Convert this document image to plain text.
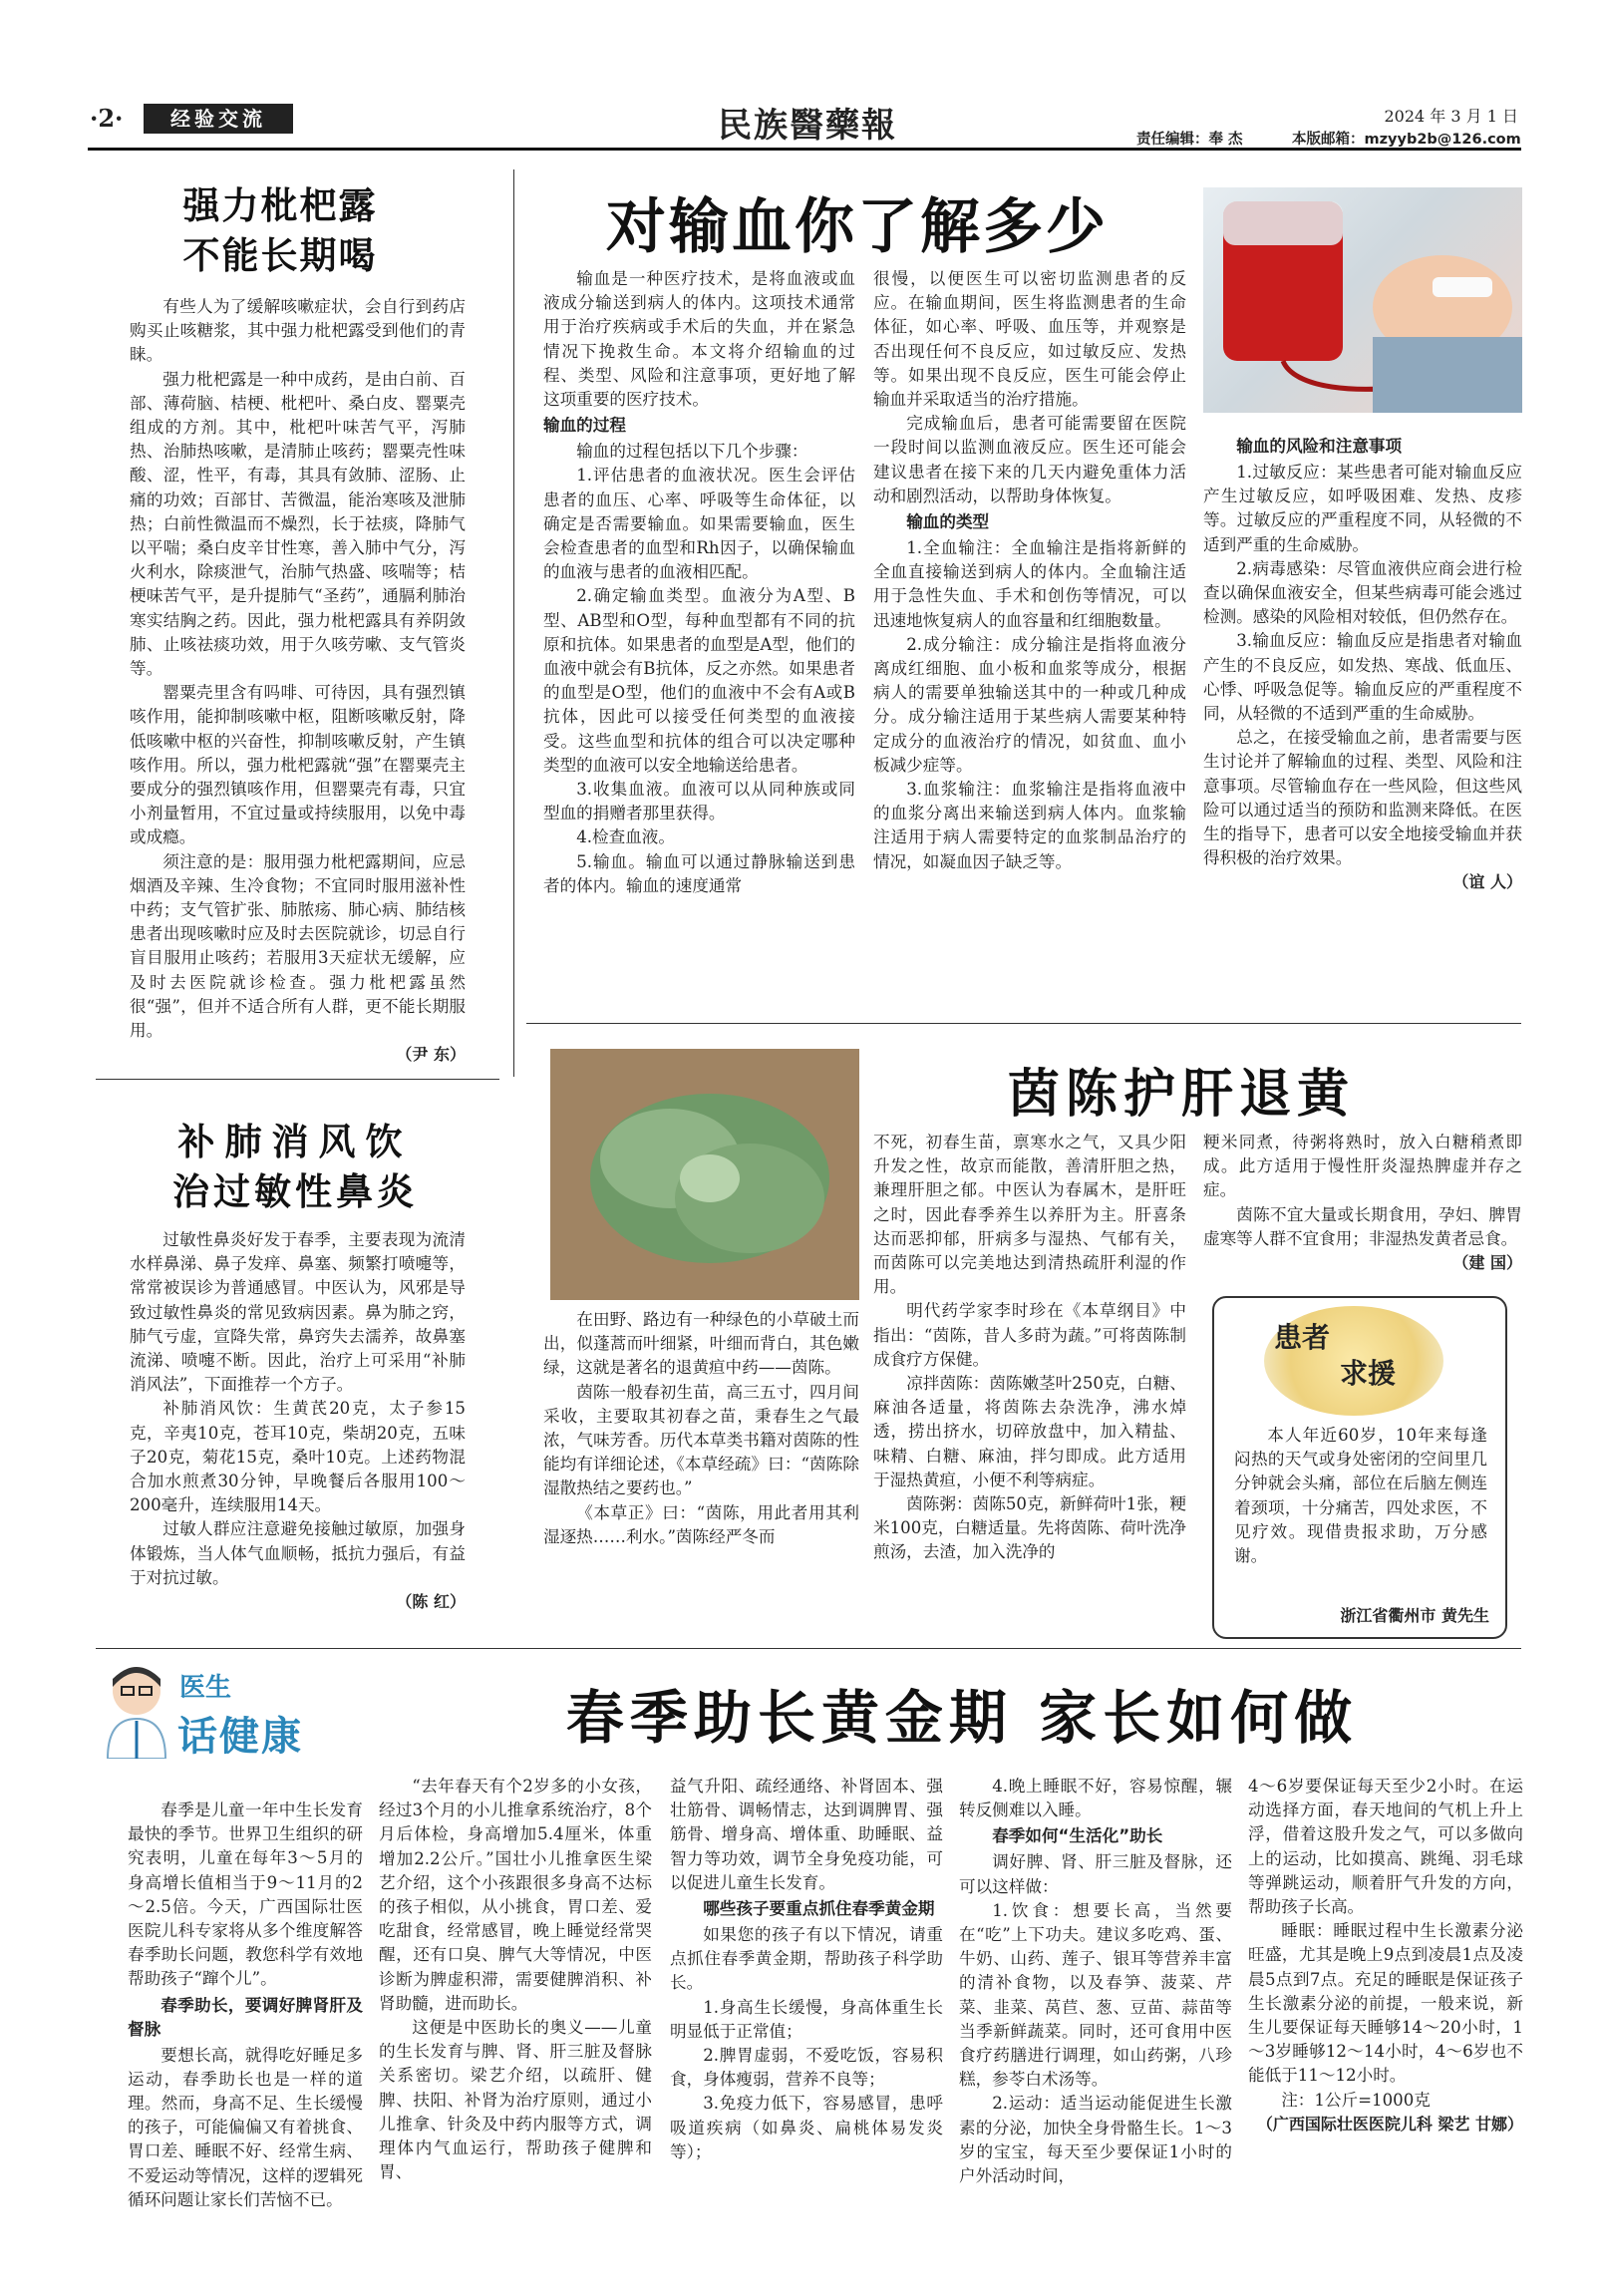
·2·	经验交流	民族醫藥報	2024 年 3 月 1 日
责任编辑：奉 杰	本版邮箱：mzyyb2b@126.com
强力枇杷露
不能长期喝

有些人为了缓解咳嗽症状，会自行到药店购买止咳糖浆，其中强力枇杷露受到他们的青睐。

强力枇杷露是一种中成药，是由白前、百部、薄荷脑、桔梗、枇杷叶、桑白皮、罂粟壳组成的方剂。其中，枇杷叶味苦气平，泻肺热、治肺热咳嗽，是清肺止咳药；罂粟壳性味酸、涩，性平，有毒，其具有敛肺、涩肠、止痛的功效；百部甘、苦微温，能治寒咳及泄肺热；白前性微温而不燥烈，长于祛痰，降肺气以平喘；桑白皮辛甘性寒，善入肺中气分，泻火利水，除痰泄气，治肺气热盛、咳喘等；桔梗味苦气平，是升提肺气“圣药”，通膈利肺治寒实结胸之药。因此，强力枇杷露具有养阴敛肺、止咳祛痰功效，用于久咳劳嗽、支气管炎等。

罂粟壳里含有吗啡、可待因，具有强烈镇咳作用，能抑制咳嗽中枢，阻断咳嗽反射，降低咳嗽中枢的兴奋性，抑制咳嗽反射，产生镇咳作用。所以，强力枇杷露就“强”在罂粟壳主要成分的强烈镇咳作用，但罂粟壳有毒，只宜小剂量暂用，不宜过量或持续服用，以免中毒或成瘾。

须注意的是：服用强力枇杷露期间，应忌烟酒及辛辣、生冷食物；不宜同时服用滋补性中药；支气管扩张、肺脓疡、肺心病、肺结核患者出现咳嗽时应及时去医院就诊，切忌自行盲目服用止咳药；若服用3天症状无缓解，应及时去医院就诊检查。强力枇杷露虽然很“强”，但并不适合所有人群，更不能长期服用。

（尹 东）
对输血你了解多少

输血是一种医疗技术，是将血液或血液成分输送到病人的体内。这项技术通常用于治疗疾病或手术后的失血，并在紧急情况下挽救生命。本文将介绍输血的过程、类型、风险和注意事项，更好地了解这项重要的医疗技术。

输血的过程

输血的过程包括以下几个步骤：

1.评估患者的血液状况。医生会评估患者的血压、心率、呼吸等生命体征，以确定是否需要输血。如果需要输血，医生会检查患者的血型和Rh因子，以确保输血的血液与患者的血液相匹配。

2.确定输血类型。血液分为A型、B型、AB型和O型，每种血型都有不同的抗原和抗体。如果患者的血型是A型，他们的血液中就会有B抗体，反之亦然。如果患者的血型是O型，他们的血液中不会有A或B抗体，因此可以接受任何类型的血液接受。这些血型和抗体的组合可以决定哪种类型的血液可以安全地输送给患者。

3.收集血液。血液可以从同种族或同型血的捐赠者那里获得。

4.检查血液。

5.输血。输血可以通过静脉输送到患者的体内。输血的速度通常

很慢，以便医生可以密切监测患者的反应。在输血期间，医生将监测患者的生命体征，如心率、呼吸、血压等，并观察是否出现任何不良反应，如过敏反应、发热等。如果出现不良反应，医生可能会停止输血并采取适当的治疗措施。

完成输血后，患者可能需要留在医院一段时间以监测血液反应。医生还可能会建议患者在接下来的几天内避免重体力活动和剧烈活动，以帮助身体恢复。

输血的类型

1.全血输注：全血输注是指将新鲜的全血直接输送到病人的体内。全血输注适用于急性失血、手术和创伤等情况，可以迅速地恢复病人的血容量和红细胞数量。

2.成分输注：成分输注是指将血液分离成红细胞、血小板和血浆等成分，根据病人的需要单独输送其中的一种或几种成分。成分输注适用于某些病人需要某种特定成分的血液治疗的情况，如贫血、血小板减少症等。

3.血浆输注：血浆输注是指将血液中的血浆分离出来输送到病人体内。血浆输注适用于病人需要特定的血浆制品治疗的情况，如凝血因子缺乏等。

输血的风险和注意事项

1.过敏反应：某些患者可能对输血反应产生过敏反应，如呼吸困难、发热、皮疹等。过敏反应的严重程度不同，从轻微的不适到严重的生命威胁。

2.病毒感染：尽管血液供应商会进行检查以确保血液安全，但某些病毒可能会逃过检测。感染的风险相对较低，但仍然存在。

3.输血反应：输血反应是指患者对输血产生的不良反应，如发热、寒战、低血压、心悸、呼吸急促等。输血反应的严重程度不同，从轻微的不适到严重的生命威胁。

总之，在接受输血之前，患者需要与医生讨论并了解输血的过程、类型、风险和注意事项。尽管输血存在一些风险，但这些风险可以通过适当的预防和监测来降低。在医生的指导下，患者可以安全地接受输血并获得积极的治疗效果。

（谊 人）
补肺消风饮
治过敏性鼻炎

过敏性鼻炎好发于春季，主要表现为流清水样鼻涕、鼻子发痒、鼻塞、频繁打喷嚏等，常常被误诊为普通感冒。中医认为，风邪是导致过敏性鼻炎的常见致病因素。鼻为肺之窍，肺气亏虚，宣降失常，鼻窍失去濡养，故鼻塞流涕、喷嚏不断。因此，治疗上可采用“补肺消风法”，下面推荐一个方子。

补肺消风饮：生黄芪20克，太子参15克，辛夷10克，苍耳10克，柴胡20克，五味子20克，菊花15克，桑叶10克。上述药物混合加水煎煮30分钟，早晚餐后各服用100～200毫升，连续服用14天。

过敏人群应注意避免接触过敏原，加强身体锻炼，当人体气血顺畅，抵抗力强后，有益于对抗过敏。

（陈 红）
茵陈护肝退黄

在田野、路边有一种绿色的小草破土而出，似蓬蒿而叶细紧，叶细而背白，其色嫩绿，这就是著名的退黄疸中药——茵陈。

茵陈一般春初生苗，高三五寸，四月间采收，主要取其初春之苗，秉春生之气最浓，气味芳香。历代本草类书籍对茵陈的性能均有详细论述，《本草经疏》曰：“茵陈除湿散热结之要药也。”

《本草正》曰：“茵陈，用此者用其利湿逐热……利水。”茵陈经严冬而

不死，初春生苗，禀寒水之气，又具少阳升发之性，故京而能散，善清肝胆之热，兼理肝胆之郁。中医认为春属木，是肝旺之时，因此春季养生以养肝为主。肝喜条达而恶抑郁，肝病多与湿热、气郁有关，而茵陈可以完美地达到清热疏肝利湿的作用。

明代药学家李时珍在《本草纲目》中指出：“茵陈，昔人多莳为蔬。”可将茵陈制成食疗方保健。

凉拌茵陈：茵陈嫩茎叶250克，白糖、麻油各适量，将茵陈去杂洗净，沸水焯透，捞出挤水，切碎放盘中，加入精盐、味精、白糖、麻油，拌匀即成。此方适用于湿热黄疸，小便不利等病症。

茵陈粥：茵陈50克，新鲜荷叶1张，粳米100克，白糖适量。先将茵陈、荷叶洗净煎汤，去渣，加入洗净的

粳米同煮，待粥将熟时，放入白糖稍煮即成。此方适用于慢性肝炎湿热脾虚并存之症。

茵陈不宜大量或长期食用，孕妇、脾胃虚寒等人群不宜食用；非湿热发黄者忌食。

（建 国）
患者
求援

本人年近60岁，10年来每逢闷热的天气或身处密闭的空间里几分钟就会头痛，部位在后脑左侧连着颈项，十分痛苦，四处求医，不见疗效。现借贵报求助，万分感谢。

浙江省衢州市 黄先生
医生
话健康	春季助长黄金期 家长如何做

春季是儿童一年中生长发育最快的季节。世界卫生组织的研究表明，儿童在每年3～5月的身高增长值相当于9～11月的2～2.5倍。今天，广西国际壮医医院儿科专家将从多个维度解答春季助长问题，教您科学有效地帮助孩子“蹿个儿”。

春季助长，要调好脾肾肝及督脉

要想长高，就得吃好睡足多运动，春季助长也是一样的道理。然而，身高不足、生长缓慢的孩子，可能偏偏又有着挑食、胃口差、睡眠不好、经常生病、不爱运动等情况，这样的逻辑死循环问题让家长们苦恼不已。

“去年春天有个2岁多的小女孩，经过3个月的小儿推拿系统治疗，8个月后体检，身高增加5.4厘米，体重增加2.2公斤。”国壮小儿推拿医生梁艺介绍，这个小孩跟很多身高不达标的孩子相似，从小挑食，胃口差、爱吃甜食，经常感冒，晚上睡觉经常哭醒，还有口臭、脾气大等情况，中医诊断为脾虚积滞，需要健脾消积、补肾助髓，进而助长。

这便是中医助长的奥义——儿童的生长发育与脾、肾、肝三脏及督脉关系密切。梁艺介绍，以疏肝、健脾、扶阳、补肾为治疗原则，通过小儿推拿、针灸及中药内服等方式，调理体内气血运行，帮助孩子健脾和胃、

益气升阳、疏经通络、补肾固本、强壮筋骨、调畅情志，达到调脾胃、强筋骨、增身高、增体重、助睡眠、益智力等功效，调节全身免疫功能，可以促进儿童生长发育。

哪些孩子要重点抓住春季黄金期

如果您的孩子有以下情况，请重点抓住春季黄金期，帮助孩子科学助长。

1.身高生长缓慢，身高体重生长明显低于正常值；

2.脾胃虚弱，不爱吃饭，容易积食，身体瘦弱，营养不良等；

3.免疫力低下，容易感冒，患呼吸道疾病（如鼻炎、扁桃体易发炎等）；

4.晚上睡眠不好，容易惊醒，辗转反侧难以入睡。

春季如何“生活化”助长

调好脾、肾、肝三脏及督脉，还可以这样做：

1.饮食：想要长高，当然要在“吃”上下功夫。建议多吃鸡、蛋、牛奶、山药、莲子、银耳等营养丰富的清补食物，以及春笋、菠菜、芹菜、韭菜、莴苣、葱、豆苗、蒜苗等当季新鲜蔬菜。同时，还可食用中医食疗药膳进行调理，如山药粥，八珍糕，参苓白术汤等。

2.运动：适当运动能促进生长激素的分泌，加快全身骨骼生长。1～3岁的宝宝，每天至少要保证1小时的户外活动时间，

4～6岁要保证每天至少2小时。在运动选择方面，春天地间的气机上升上浮，借着这股升发之气，可以多做向上的运动，比如摸高、跳绳、羽毛球等弹跳运动，顺着肝气升发的方向，帮助孩子长高。

睡眠：睡眠过程中生长激素分泌旺盛，尤其是晚上9点到凌晨1点及凌晨5点到7点。充足的睡眠是保证孩子生长激素分泌的前提，一般来说，新生儿要保证每天睡够14～20小时，1～3岁睡够12～14小时，4～6岁也不能低于11～12小时。

注：1公斤=1000克

（广西国际壮医医院儿科 梁艺 甘娜）
